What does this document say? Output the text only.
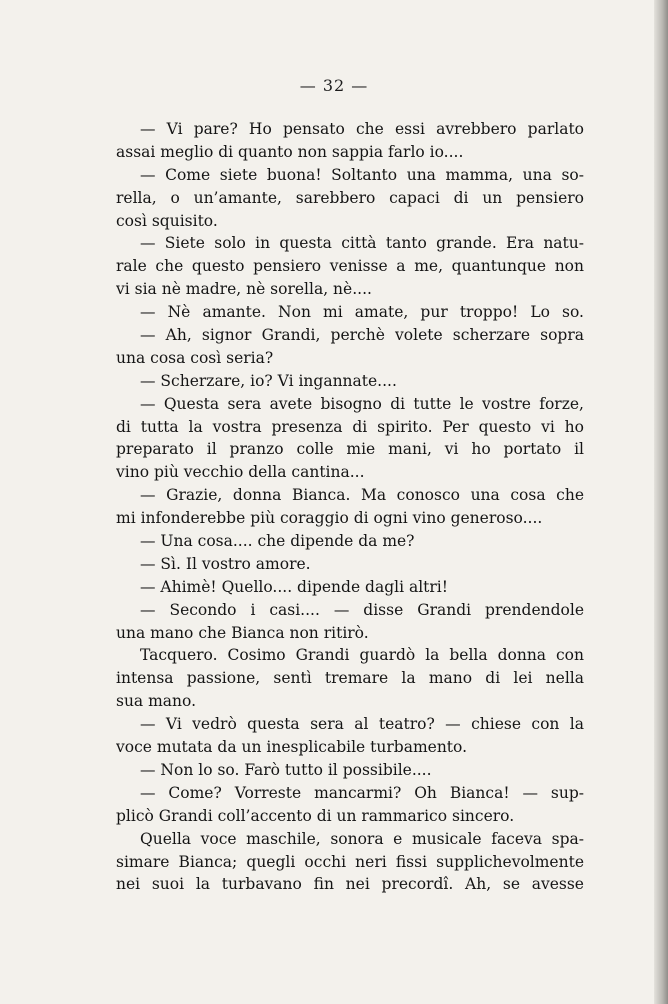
— 32 —
— Vi pare? Ho pensato che essi avrebbero parlato
assai meglio di quanto non sappia farlo io....
— Come siete buona! Soltanto una mamma, una so-
rella, o un’amante, sarebbero capaci di un pensiero
così squisito.
— Siete solo in questa città tanto grande. Era natu-
rale che questo pensiero venisse a me, quantunque non
vi sia nè madre, nè sorella, nè....
— Nè amante. Non mi amate, pur troppo! Lo so.
— Ah, signor Grandi, perchè volete scherzare sopra
una cosa così seria?
— Scherzare, io? Vi ingannate....
— Questa sera avete bisogno di tutte le vostre forze,
di tutta la vostra presenza di spirito. Per questo vi ho
preparato il pranzo colle mie mani, vi ho portato il
vino più vecchio della cantina...
— Grazie, donna Bianca. Ma conosco una cosa che
mi infonderebbe più coraggio di ogni vino generoso....
— Una cosa.... che dipende da me?
— Sì. Il vostro amore.
— Ahimè! Quello.... dipende dagli altri!
— Secondo i casi.... — disse Grandi prendendole
una mano che Bianca non ritirò.
Tacquero. Cosimo Grandi guardò la bella donna con
intensa passione, sentì tremare la mano di lei nella
sua mano.
— Vi vedrò questa sera al teatro? — chiese con la
voce mutata da un inesplicabile turbamento.
— Non lo so. Farò tutto il possibile....
— Come? Vorreste mancarmi? Oh Bianca! — sup-
plicò Grandi coll’accento di un rammarico sincero.
Quella voce maschile, sonora e musicale faceva spa-
simare Bianca; quegli occhi neri fissi supplichevolmente
nei suoi la turbavano fin nei precordî. Ah, se avesse
